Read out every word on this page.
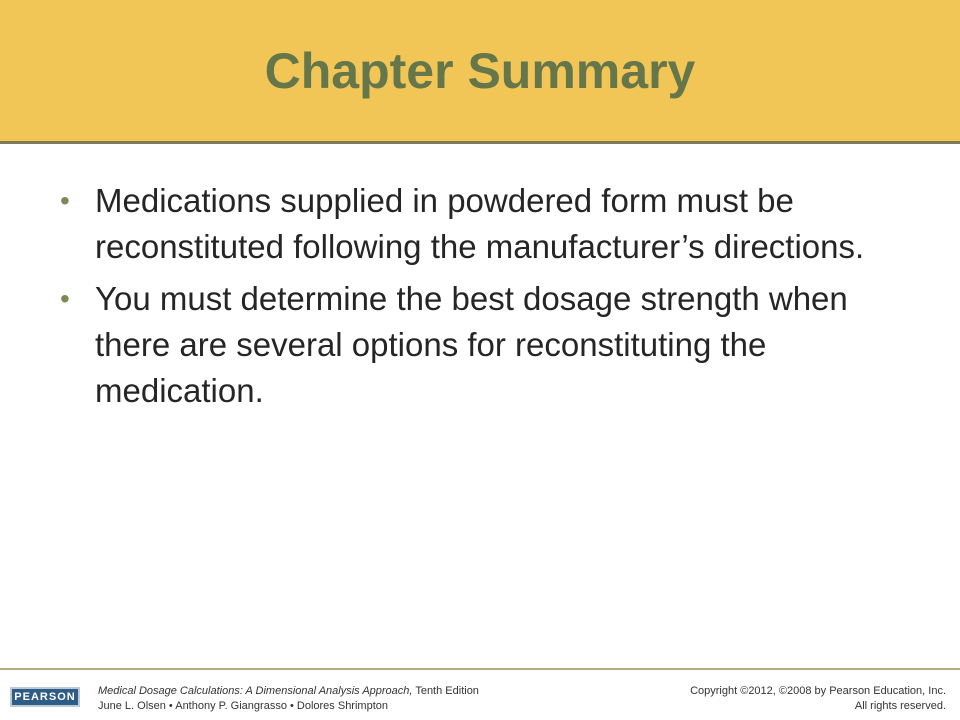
Chapter Summary
• Medications supplied in powdered form must be reconstituted following the manufacturer’s directions.
• You must determine the best dosage strength when there are several options for reconstituting the medication.
PEARSON Medical Dosage Calculations: A Dimensional Analysis Approach, Tenth Edition
June L. Olsen • Anthony P. Giangrasso • Dolores Shrimpton
Copyright ©2012, ©2008 by Pearson Education, Inc.
All rights reserved.
